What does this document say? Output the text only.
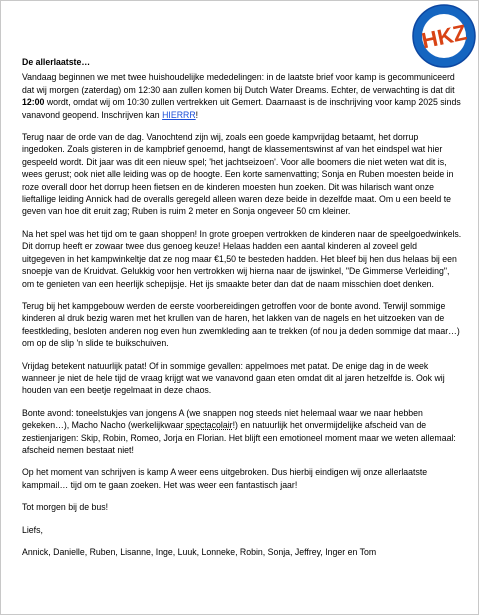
HKZ
De allerlaatste…

Vandaag beginnen we met twee huishoudelijke mededelingen: in de laatste brief voor kamp is gecommuniceerd dat wij morgen (zaterdag) om 12:30 aan zullen komen bij Dutch Water Dreams. Echter, de verwachting is dat dit 12:00 wordt, omdat wij om 10:30 zullen vertrekken uit Gemert. Daarnaast is de inschrijving voor kamp 2025 sinds vanavond geopend. Inschrijven kan HIERRR!

Terug naar de orde van de dag. Vanochtend zijn wij, zoals een goede kampvrijdag betaamt, het dorrup ingedoken. Zoals gisteren in de kampbrief genoemd, hangt de klassementswinst af van het eindspel wat hier gespeeld wordt. Dit jaar was dit een nieuw spel; 'het jachtseizoen'. Voor alle boomers die niet weten wat dit is, wees gerust; ook niet alle leiding was op de hoogte. Een korte samenvatting; Sonja en Ruben moesten beide in roze overall door het dorrup heen fietsen en de kinderen moesten hun zoeken. Dit was hilarisch want onze lieftallige leiding Annick had de overalls geregeld alleen waren deze beide in dezelfde maat. Om u een beeld te geven van hoe dit eruit zag; Ruben is ruim 2 meter en Sonja ongeveer 50 cm kleiner.

Na het spel was het tijd om te gaan shoppen! In grote groepen vertrokken de kinderen naar de speelgoedwinkels. Dit dorrup heeft er zowaar twee dus genoeg keuze! Helaas hadden een aantal kinderen al zoveel geld uitgegeven in het kampwinkeltje dat ze nog maar €1,50 te besteden hadden. Het bleef bij hen dus helaas bij een snoepje van de Kruidvat. Gelukkig voor hen vertrokken wij hierna naar de ijswinkel, "De Gimmerse Verleiding", om te genieten van een heerlijk schepijsje. Het ijs smaakte beter dan dat de naam misschien doet denken.

Terug bij het kampgebouw werden de eerste voorbereidingen getroffen voor de bonte avond. Terwijl sommige kinderen al druk bezig waren met het krullen van de haren, het lakken van de nagels en het uitzoeken van de feestkleding, besloten anderen nog even hun zwemkleding aan te trekken (of nou ja deden sommige dat maar…) om op de slip 'n slide te buikschuiven.

Vrijdag betekent natuurlijk patat! Of in sommige gevallen: appelmoes met patat. De enige dag in de week wanneer je niet de hele tijd de vraag krijgt wat we vanavond gaan eten omdat dit al jaren hetzelfde is. Ook wij houden van een beetje regelmaat in deze chaos.

Bonte avond: toneelstukjes van jongens A (we snappen nog steeds niet helemaal waar we naar hebben gekeken…), Macho Nacho (werkelijkwaar spectacolair!) en natuurlijk het onvermijdelijke afscheid van de zestienjarigen: Skip, Robin, Romeo, Jorja en Florian. Het blijft een emotioneel moment maar we weten allemaal: afscheid nemen bestaat niet!

Op het moment van schrijven is kamp A weer eens uitgebroken. Dus hierbij eindigen wij onze allerlaatste kampmail… tijd om te gaan zoeken. Het was weer een fantastisch jaar!

Tot morgen bij de bus!

Liefs,

Annick, Danielle, Ruben, Lisanne, Inge, Luuk, Lonneke, Robin, Sonja, Jeffrey, Inger en Tom
